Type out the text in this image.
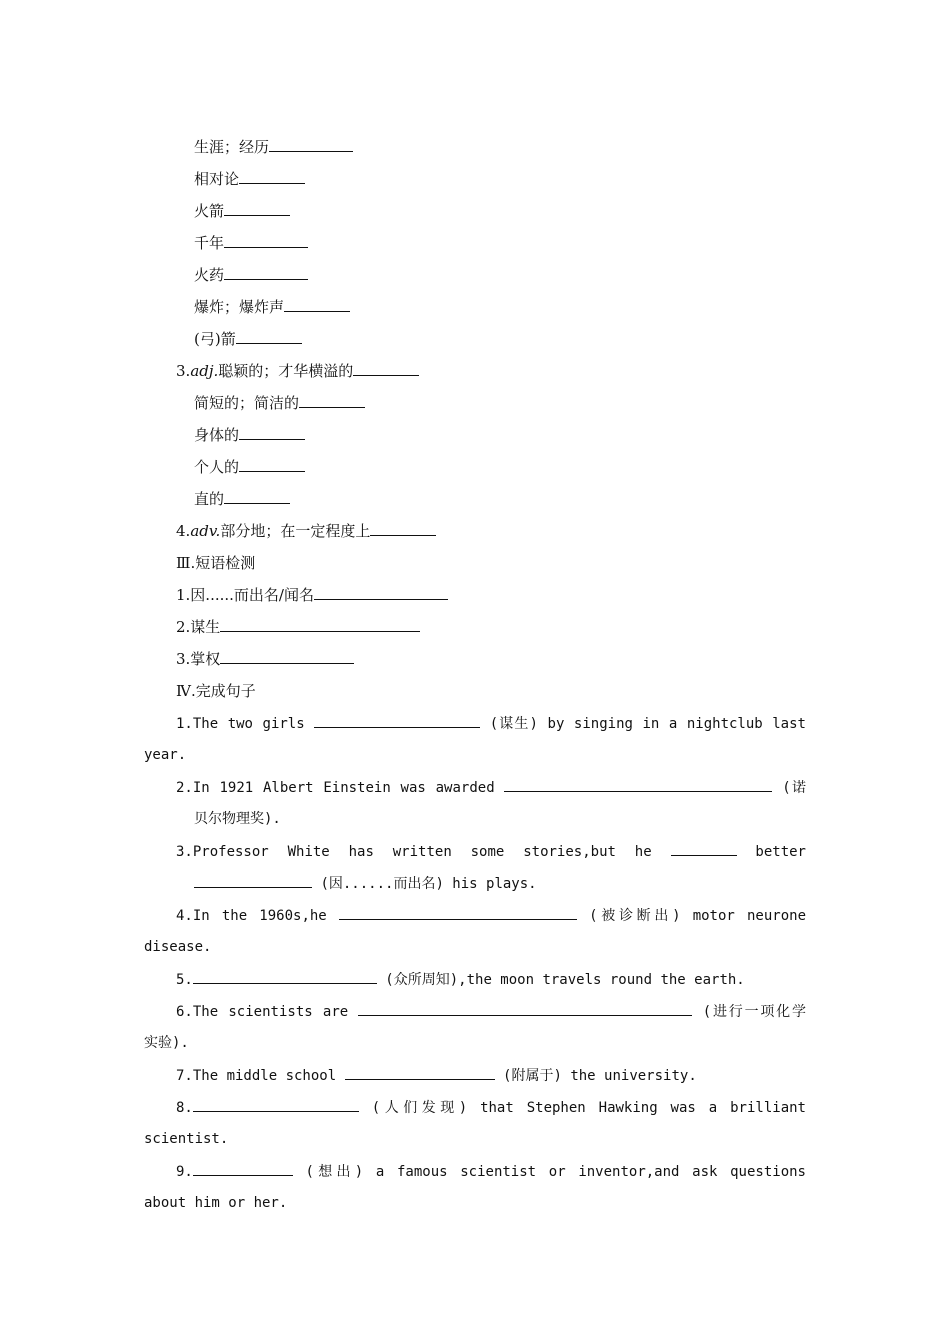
生涯；经历
相对论
火箭
千年
火药
爆炸；爆炸声
(弓)箭
3.adj.聪颖的；才华横溢的
简短的；简洁的
身体的
个人的
直的
4.adv.部分地；在一定程度上
Ⅲ.短语检测
1.因......而出名/闻名
2.谋生
3.掌权
Ⅳ.完成句子
1.The two girls	(谋生) by singing in a nightclub last
year.
2.In 1921 Albert Einstein was awarded	(诺
贝尔物理奖).
3.Professor White has written some stories,but he	better
(因......而出名) his plays.
4.In the 1960s,he	(被诊断出) motor neurone
disease.
5.	(众所周知),the moon travels round the earth.
6.The scientists are	(进行一项化学
实验).
7.The middle school	(附属于) the university.
8.	(人们发现) that Stephen Hawking was a brilliant
scientist.
9.	(想出) a famous scientist or inventor,and ask questions
about him or her.
